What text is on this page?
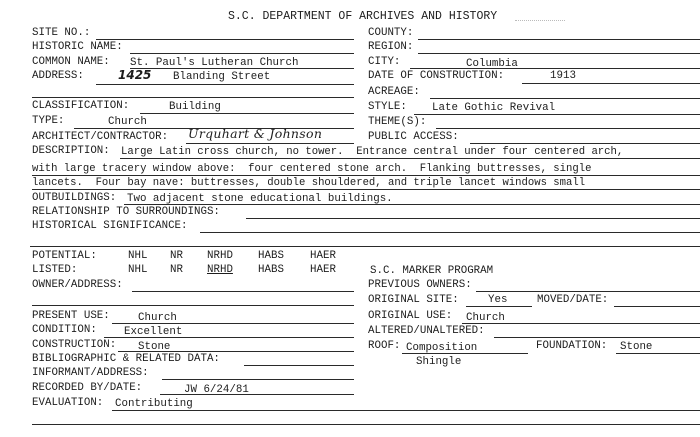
S.C. DEPARTMENT OF ARCHIVES AND HISTORY
SITE NO.:
HISTORIC NAME:
COMMON NAME: St. Paul's Lutheran Church
ADDRESS:	1425 Blanding Street
CLASSIFICATION:	Building
TYPE:	Church
ARCHITECT/CONTRACTOR: Urquhart & Johnson
COUNTY:
REGION:
CITY:	Columbia
DATE OF CONSTRUCTION:	1913
ACREAGE:
STYLE: Late Gothic Revival
THEME(S):
PUBLIC ACCESS:
DESCRIPTION: Large Latin cross church, no tower.  Entrance central under four centered arch,
with large tracery window above:  four centered stone arch.  Flanking buttresses, single
lancets.  Four bay nave: buttresses, double shouldered, and triple lancet windows small
OUTBUILDINGS: Two adjacent stone educational buildings.
RELATIONSHIP TO SURROUNDINGS:
HISTORICAL SIGNIFICANCE:
POTENTIAL:	NHL NR NRHD HABS HAER
LISTED:	NHL NR NRHD HABS HAER	S.C. MARKER PROGRAM
OWNER/ADDRESS:	PREVIOUS OWNERS:
ORIGINAL SITE:	Yes	MOVED/DATE:
PRESENT USE:	Church	ORIGINAL USE: Church
CONDITION:	Excellent	ALTERED/UNALTERED:
CONSTRUCTION: Stone	ROOF: Composition
Shingle
FOUNDATION: Stone
BIBLIOGRAPHIC & RELATED DATA:
INFORMANT/ADDRESS:
RECORDED BY/DATE:	JW 6/24/81
EVALUATION: Contributing
